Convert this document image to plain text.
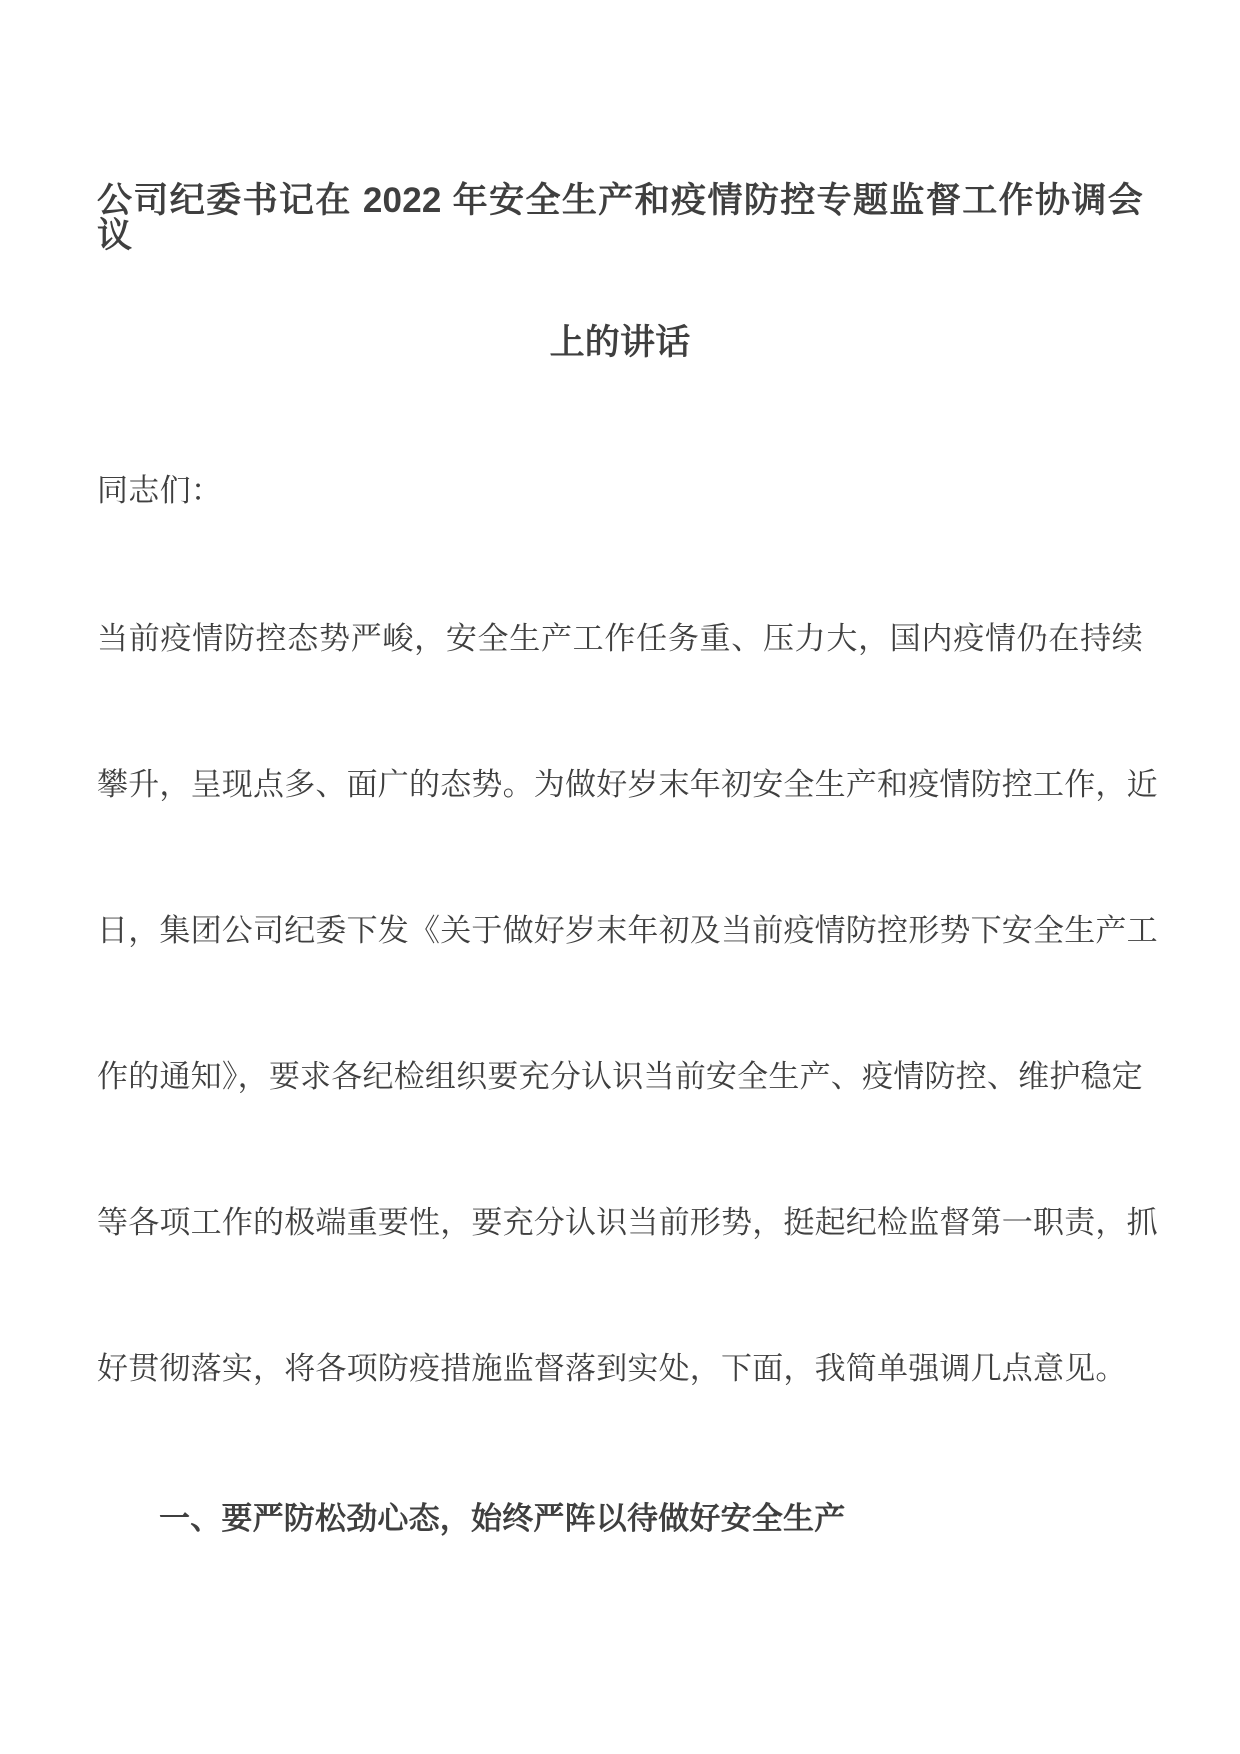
公司纪委书记在 2022 年安全生产和疫情防控专题监督工作协调会议
上的讲话

同志们：

当前疫情防控态势严峻，安全生产工作任务重、压力大，国内疫情仍在持续

攀升，呈现点多、面广的态势。为做好岁末年初安全生产和疫情防控工作，近

日，集团公司纪委下发《关于做好岁末年初及当前疫情防控形势下安全生产工

作的通知》，要求各纪检组织要充分认识当前安全生产、疫情防控、维护稳定

等各项工作的极端重要性，要充分认识当前形势，挺起纪检监督第一职责，抓

好贯彻落实，将各项防疫措施监督落到实处，下面，我简单强调几点意见。

一、要严防松劲心态，始终严阵以待做好安全生产
